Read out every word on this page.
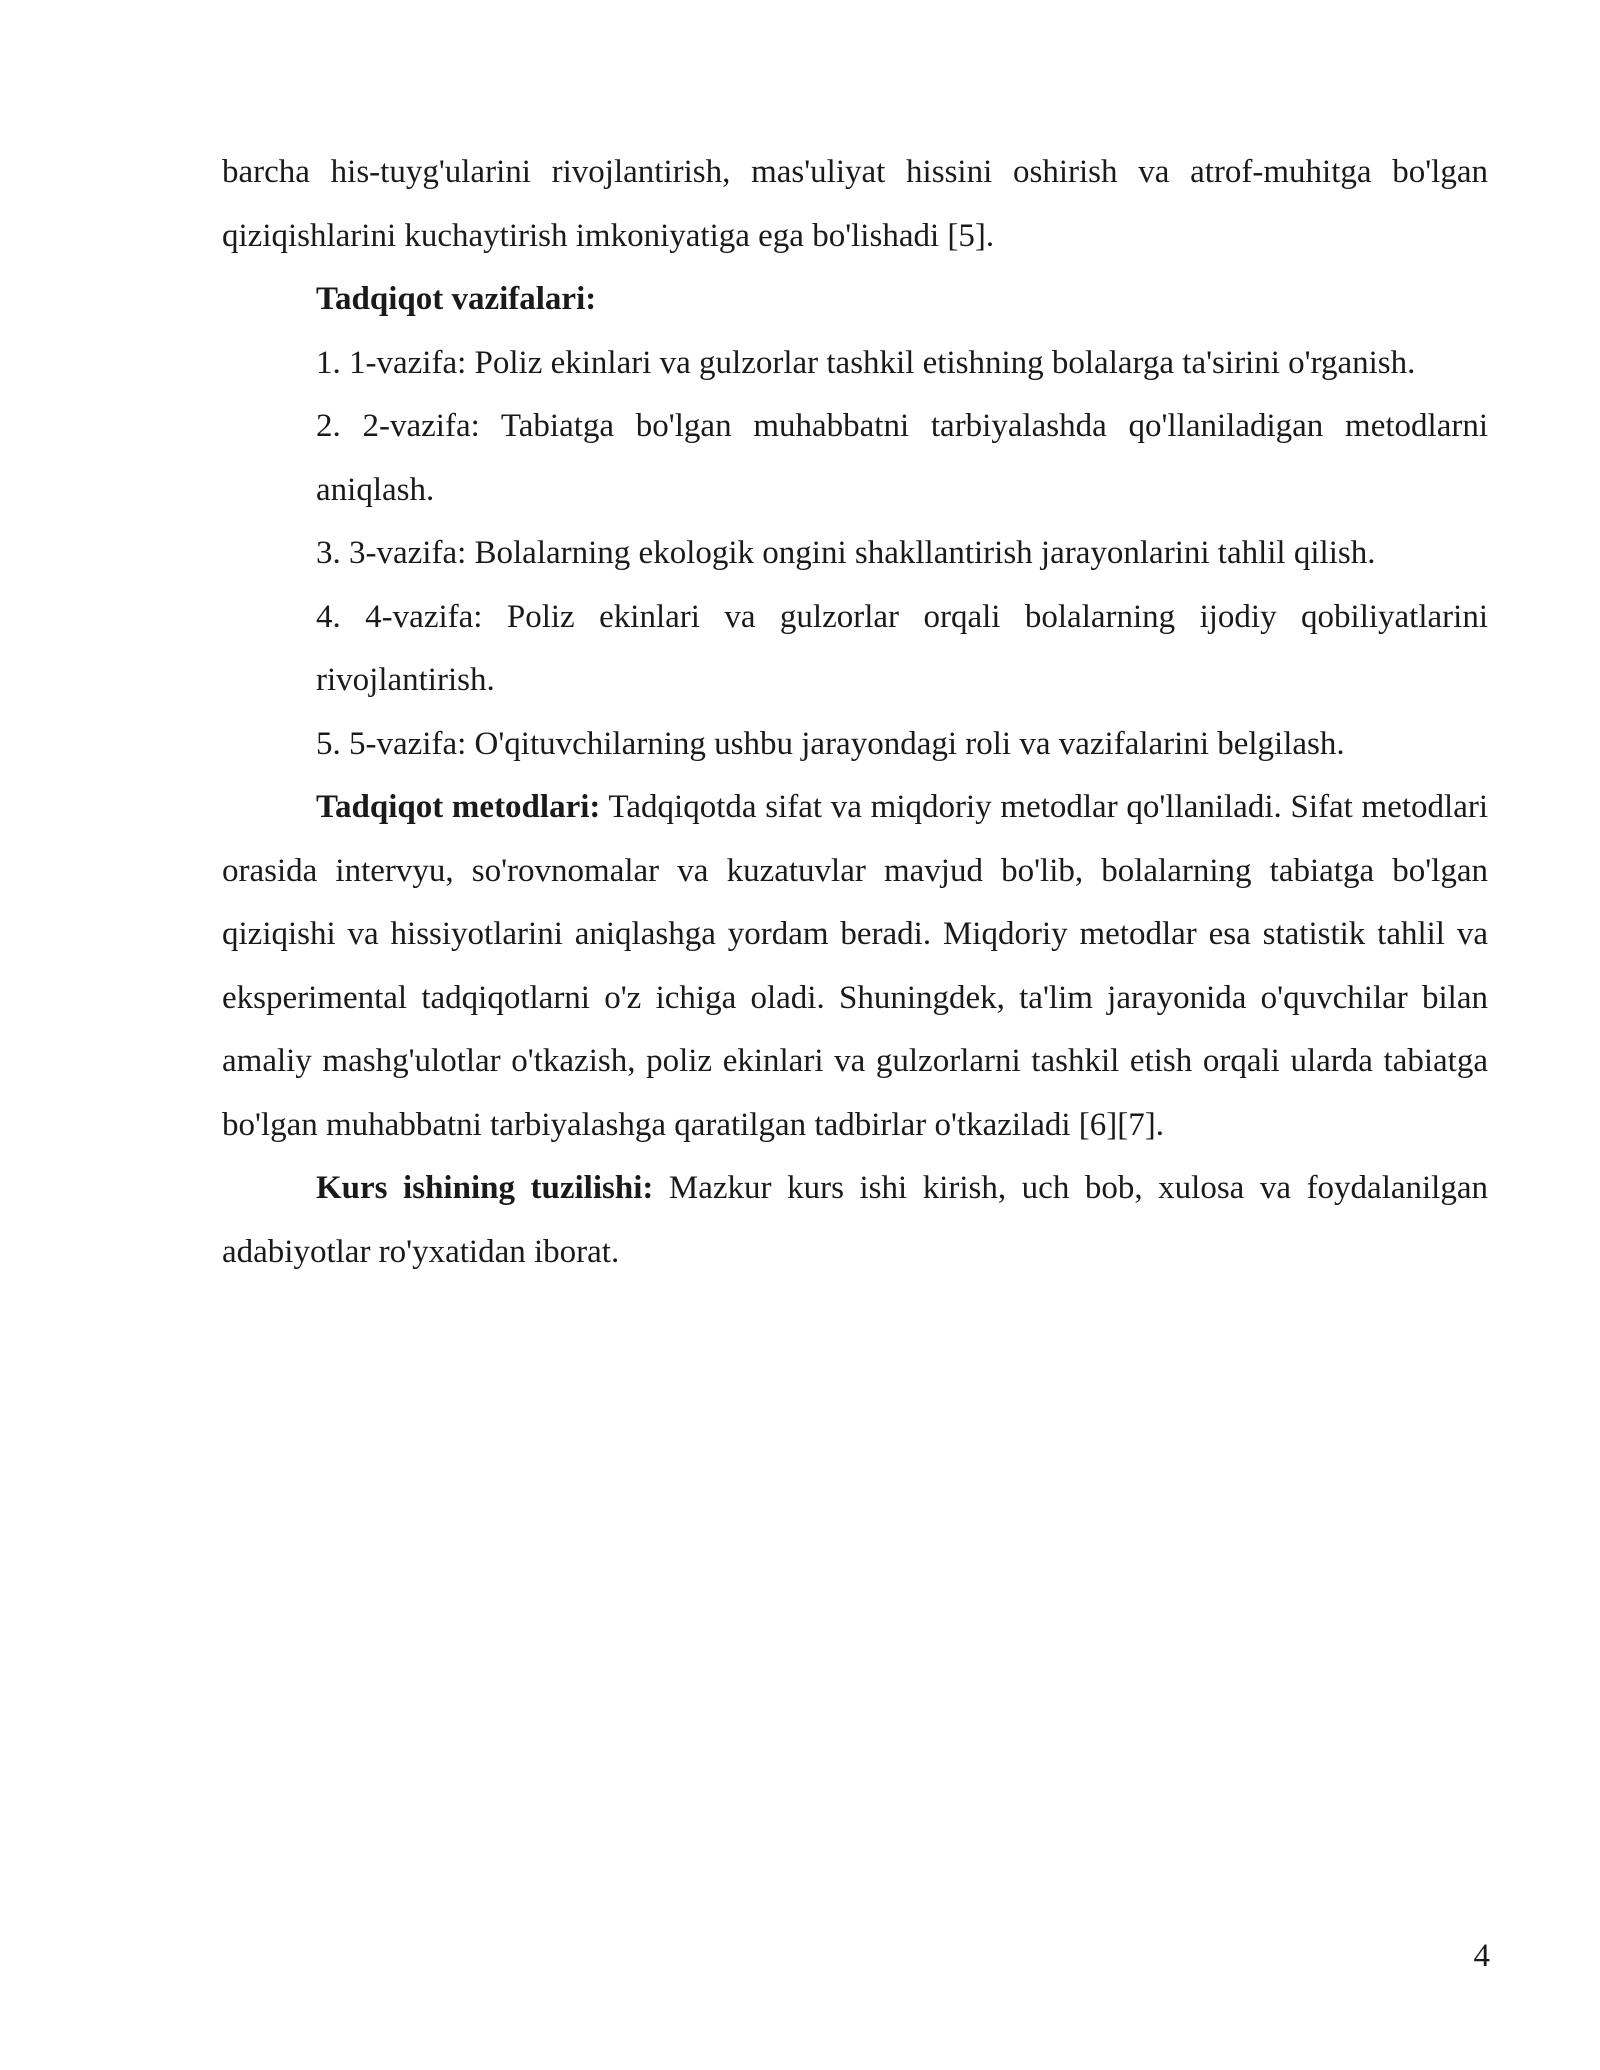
barcha his-tuyg'ularini rivojlantirish, mas'uliyat hissini oshirish va atrof-muhitga bo'lgan qiziqishlarini kuchaytirish imkoniyatiga ega bo'lishadi [5].

Tadqiqot vazifalari:

1. 1-vazifa: Poliz ekinlari va gulzorlar tashkil etishning bolalarga ta'sirini o'rganish.
2. 2-vazifa: Tabiatga bo'lgan muhabbatni tarbiyalashda qo'llaniladigan metodlarni aniqlash.
3. 3-vazifa: Bolalarning ekologik ongini shakllantirish jarayonlarini tahlil qilish.
4. 4-vazifa: Poliz ekinlari va gulzorlar orqali bolalarning ijodiy qobiliyatlarini rivojlantirish.
5. 5-vazifa: O'qituvchilarning ushbu jarayondagi roli va vazifalarini belgilash.

Tadqiqot metodlari: Tadqiqotda sifat va miqdoriy metodlar qo'llaniladi. Sifat metodlari orasida intervyu, so'rovnomalar va kuzatuvlar mavjud bo'lib, bolalarning tabiatga bo'lgan qiziqishi va hissiyotlarini aniqlashga yordam beradi. Miqdoriy metodlar esa statistik tahlil va eksperimental tadqiqotlarni o'z ichiga oladi. Shuningdek, ta'lim jarayonida o'quvchilar bilan amaliy mashg'ulotlar o'tkazish, poliz ekinlari va gulzorlarni tashkil etish orqali ularda tabiatga bo'lgan muhabbatni tarbiyalashga qaratilgan tadbirlar o'tkaziladi [6][7].

Kurs ishining tuzilishi: Mazkur kurs ishi kirish, uch bob, xulosa va foydalanilgan adabiyotlar ro'yxatidan iborat.

4
